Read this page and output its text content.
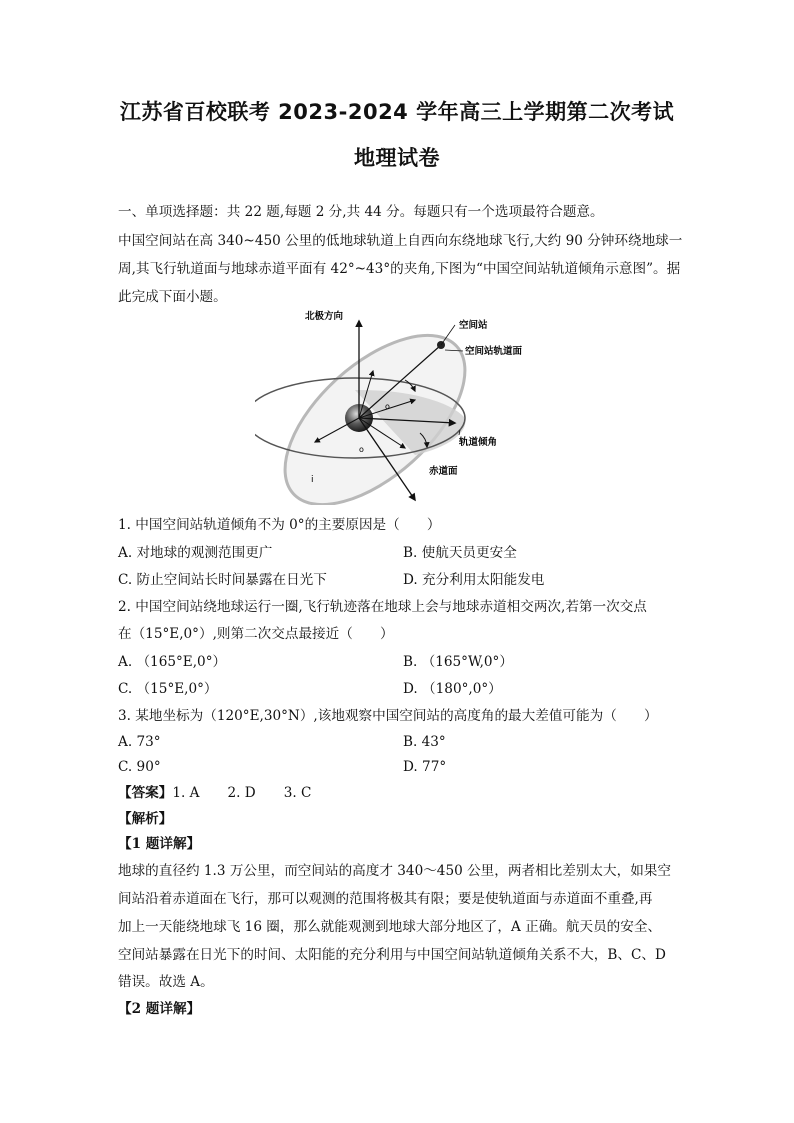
江苏省百校联考 2023-2024 学年高三上学期第二次考试
地理试卷
一、单项选择题：共 22 题,每题 2 分,共 44 分。每题只有一个选项最符合题意。
中国空间站在高 340~450 公里的低地球轨道上自西向东绕地球飞行,大约 90 分钟环绕地球一
周,其飞行轨道面与地球赤道平面有 42°~43°的夹角,下图为“中国空间站轨道倾角示意图”。据
此完成下面小题。
北极方向
空间站
空间站轨道面
轨道倾角
赤道面
o
o
i
1. 中国空间站轨道倾角不为 0°的主要原因是（　　）
A. 对地球的观测范围更广	B. 使航天员更安全
C. 防止空间站长时间暴露在日光下	D. 充分利用太阳能发电
2. 中国空间站绕地球运行一圈,飞行轨迹落在地球上会与地球赤道相交两次,若第一次交点
在（15°E,0°）,则第二次交点最接近（　　）
A. （165°E,0°）	B. （165°W,0°）
C. （15°E,0°）	D. （180°,0°）
3. 某地坐标为（120°E,30°N）,该地观察中国空间站的高度角的最大差值可能为（　　）
A. 73°	B. 43°
C. 90°	D. 77°
【答案】1. A 2. D 3. C
【解析】
【1 题详解】
地球的直径约 1.3 万公里，而空间站的高度才 340～450 公里，两者相比差别太大，如果空
间站沿着赤道面在飞行，那可以观测的范围将极其有限；要是使轨道面与赤道面不重叠,再
加上一天能绕地球飞 16 圈，那么就能观测到地球大部分地区了，A 正确。航天员的安全、
空间站暴露在日光下的时间、太阳能的充分利用与中国空间站轨道倾角关系不大，B、C、D
错误。故选 A。
【2 题详解】
